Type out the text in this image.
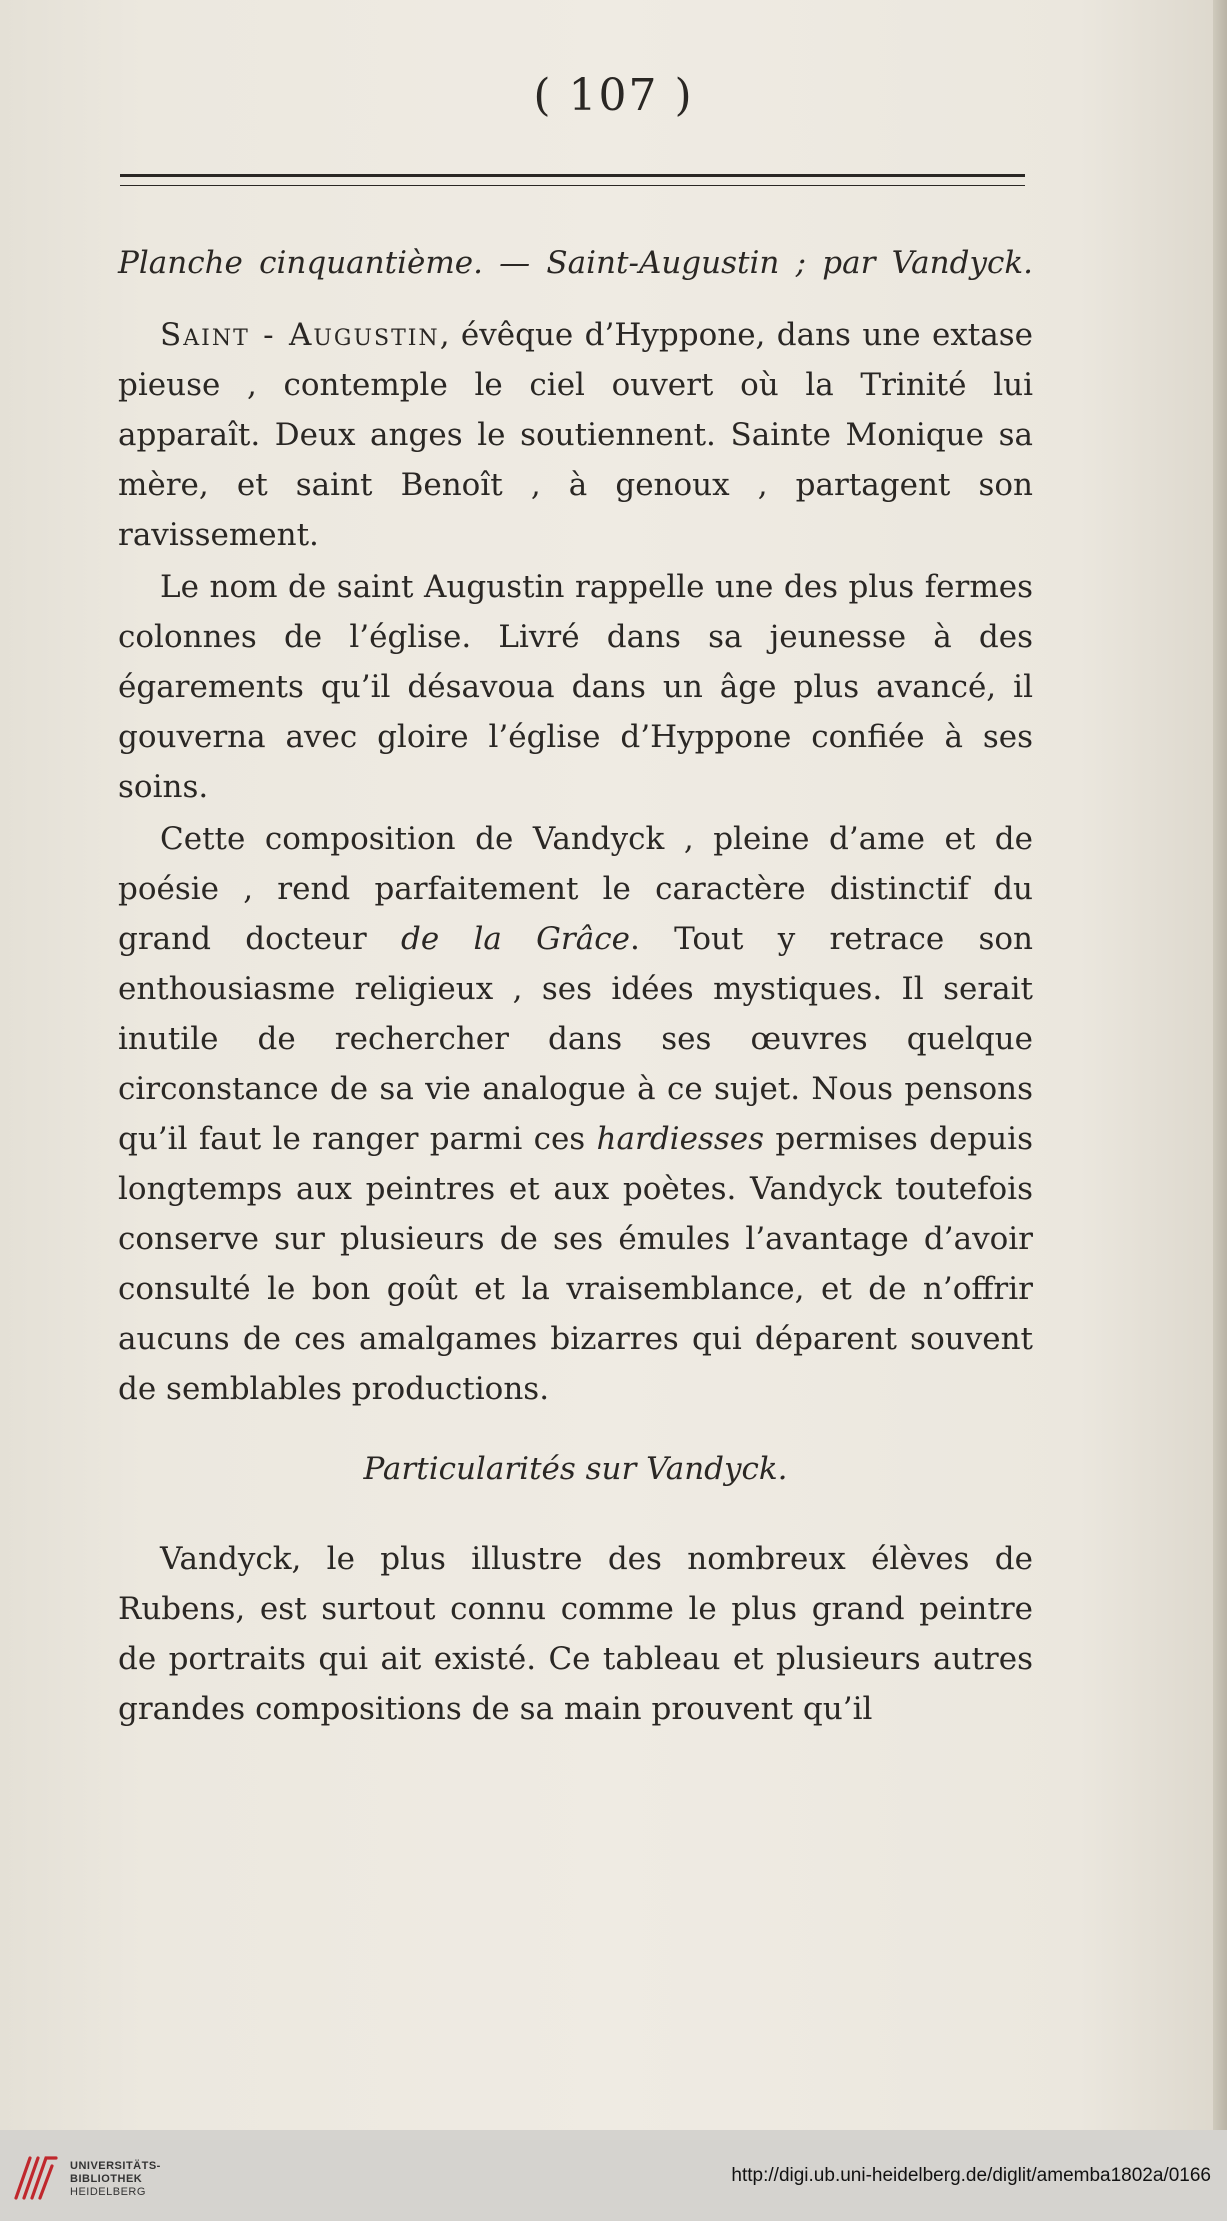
( 107 )

Planche cinquantième. — Saint-Augustin ; par Vandyck.

Saint - Augustin, évêque d’Hyppone, dans une extase pieuse , contemple le ciel ouvert où la Trinité lui apparaît. Deux anges le soutiennent. Sainte Monique sa mère, et saint Benoît , à genoux , partagent son ravissement.

Le nom de saint Augustin rappelle une des plus fermes colonnes de l’église. Livré dans sa jeunesse à des égarements qu’il désavoua dans un âge plus avancé, il gouverna avec gloire l’église d’Hyppone confiée à ses soins.

Cette composition de Vandyck , pleine d’ame et de poésie , rend parfaitement le caractère distinctif du grand docteur de la Grâce. Tout y retrace son enthousiasme religieux , ses idées mystiques. Il serait inutile de rechercher dans ses œuvres quelque circonstance de sa vie analogue à ce sujet. Nous pensons qu’il faut le ranger parmi ces hardiesses permises depuis longtemps aux peintres et aux poètes. Vandyck toutefois conserve sur plusieurs de ses émules l’avantage d’avoir consulté le bon goût et la vraisemblance, et de n’offrir aucuns de ces amalgames bizarres qui déparent souvent de semblables productions.

Particularités sur Vandyck.

Vandyck, le plus illustre des nombreux élèves de Rubens, est surtout connu comme le plus grand peintre de portraits qui ait existé. Ce tableau et plusieurs autres grandes compositions de sa main prouvent qu’il

UNIVERSITÄTS-
BIBLIOTHEK
HEIDELBERG
http://digi.ub.uni-heidelberg.de/diglit/amemba1802a/0166
